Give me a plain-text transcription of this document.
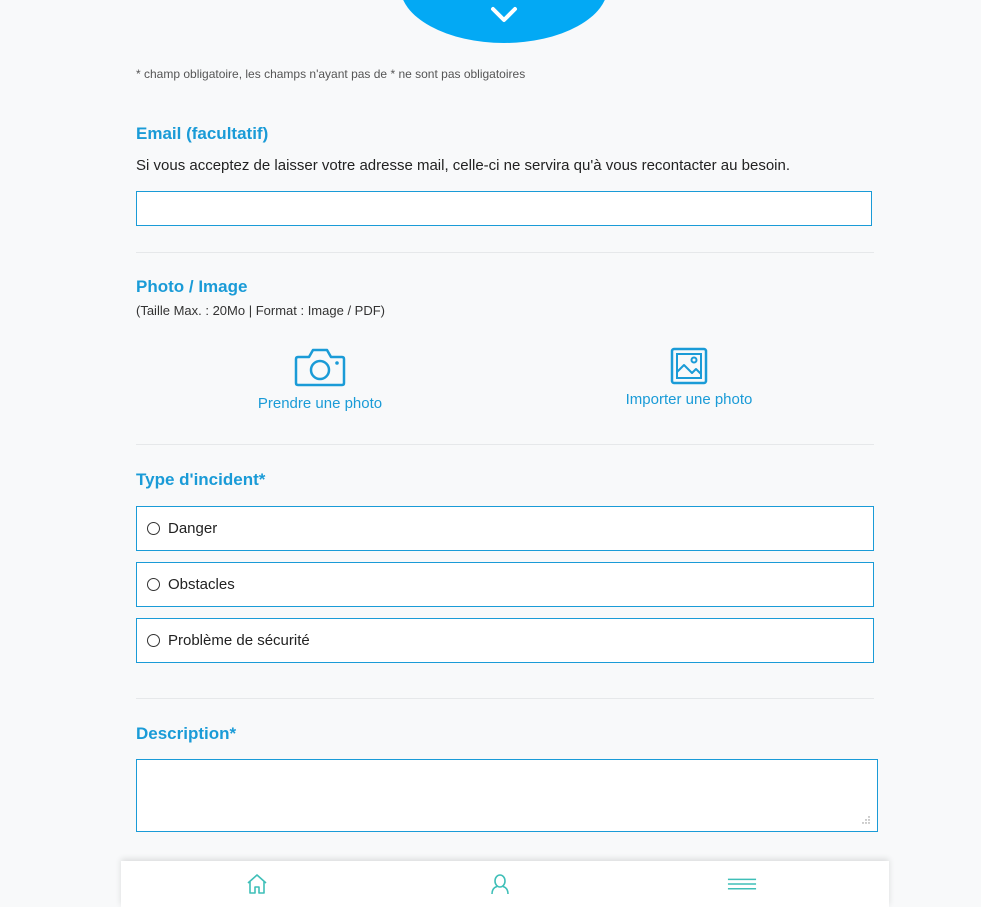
* champ obligatoire, les champs n'ayant pas de * ne sont pas obligatoires
Email (facultatif)
Si vous acceptez de laisser votre adresse mail, celle-ci ne servira qu'à vous recontacter au besoin.
Photo / Image
(Taille Max. : 20Mo | Format : Image / PDF)
Prendre une photo	Importer une photo
Type d'incident*
Danger
Obstacles
Problème de sécurité
Description*
